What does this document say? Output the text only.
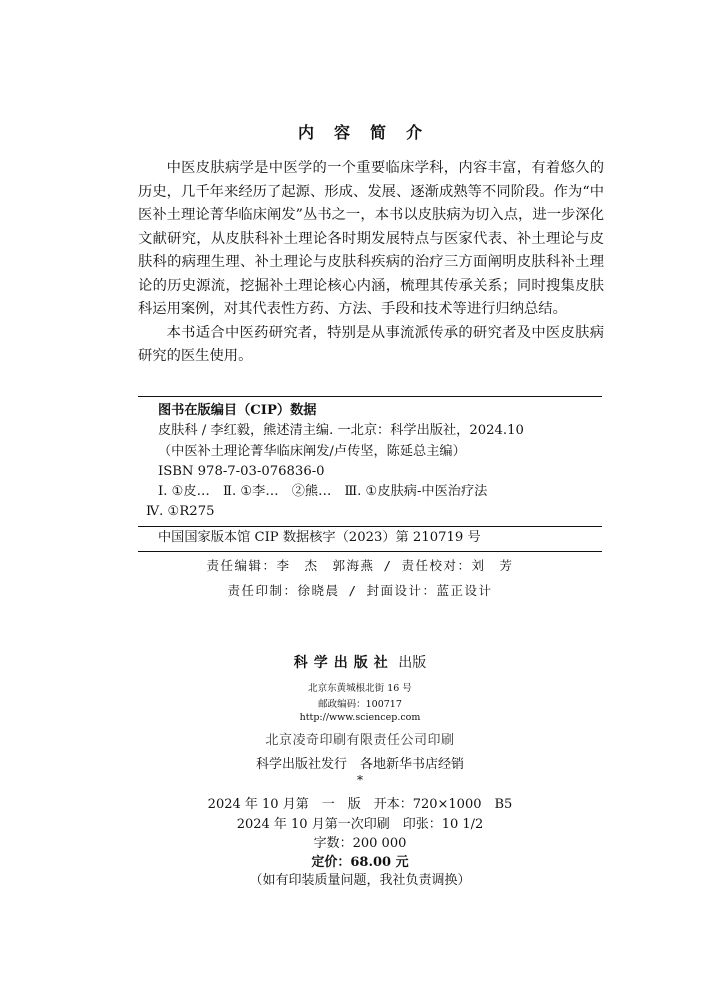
内容简介

中医皮肤病学是中医学的一个重要临床学科，内容丰富，有着悠久的历史，几千年来经历了起源、形成、发展、逐渐成熟等不同阶段。作为“中医补土理论菁华临床阐发”丛书之一，本书以皮肤病为切入点，进一步深化文献研究，从皮肤科补土理论各时期发展特点与医家代表、补土理论与皮肤科的病理生理、补土理论与皮肤科疾病的治疗三方面阐明皮肤科补土理论的历史源流，挖掘补土理论核心内涵，梳理其传承关系；同时搜集皮肤科运用案例，对其代表性方药、方法、手段和技术等进行归纳总结。

本书适合中医药研究者，特别是从事流派传承的研究者及中医皮肤病研究的医生使用。

图书在版编目（CIP）数据
皮肤科 / 李红毅，熊述清主编. 一北京：科学出版社，2024.10
（中医补土理论菁华临床阐发/卢传坚，陈延总主编）
ISBN 978-7-03-076836-0
Ⅰ. ①皮…　Ⅱ. ①李…　②熊…　Ⅲ. ①皮肤病-中医治疗法
Ⅳ. ①R275
中国国家版本馆 CIP 数据核字（2023）第 210719 号
责任编辑：李　杰　郭海燕 / 责任校对：刘　芳
责任印制：徐晓晨 / 封面设计：蓝正设计
科学出版社 出版
北京东黄城根北街 16 号
邮政编码：100717
http://www.sciencep.com
北京凌奇印刷有限责任公司印刷
科学出版社发行　各地新华书店经销
*
2024 年 10 月第　一　版　开本：720×1000　B5
2024 年 10 月第一次印刷　印张：10 1/2
字数：200 000
定价：68.00 元
（如有印装质量问题，我社负责调换）
